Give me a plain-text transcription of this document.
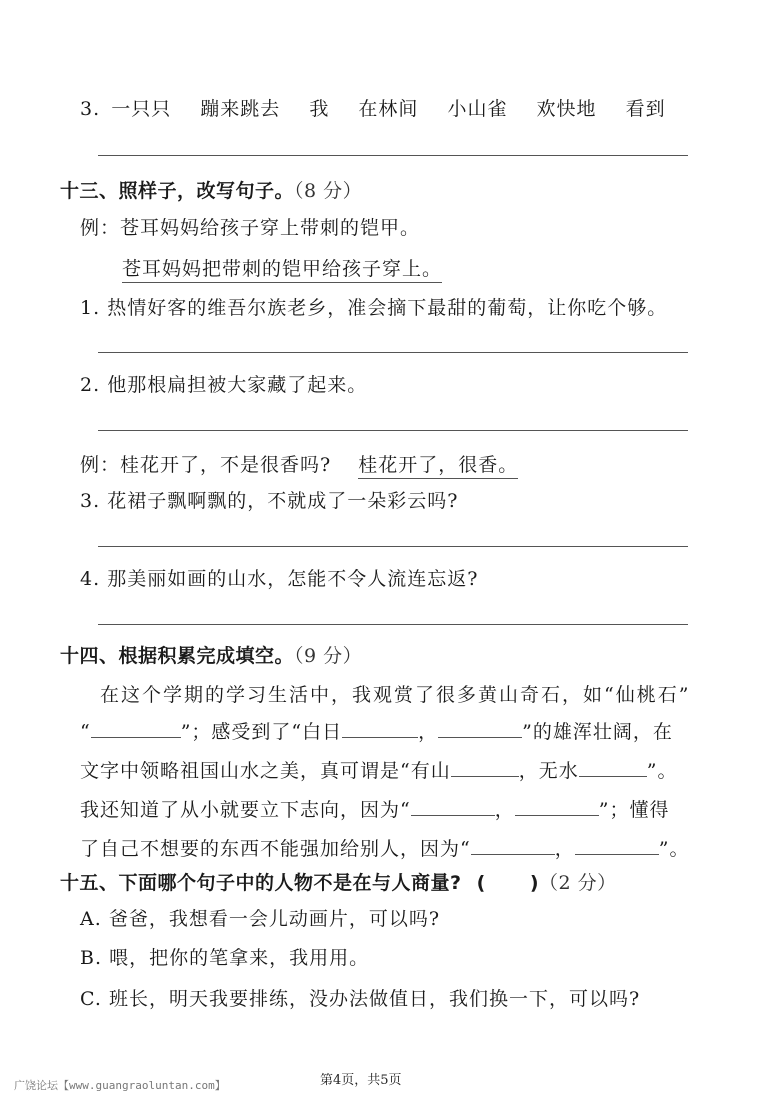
3. 一只只 蹦来跳去 我 在林间 小山雀 欢快地 看到
十三、照样子，改写句子。（8 分）
例：苍耳妈妈给孩子穿上带刺的铠甲。
苍耳妈妈把带刺的铠甲给孩子穿上。
1. 热情好客的维吾尔族老乡，准会摘下最甜的葡萄，让你吃个够。
2. 他那根扁担被大家藏了起来。
例：桂花开了，不是很香吗? 桂花开了，很香。
3. 花裙子飘啊飘的，不就成了一朵彩云吗?
4. 那美丽如画的山水，怎能不令人流连忘返?
十四、根据积累完成填空。（9 分）
在这个学期的学习生活中，我观赏了很多黄山奇石，如“仙桃石”
“	”；感受到了“白日	，	”的雄浑壮阔，在
文字中领略祖国山水之美，真可谓是“有山	，无水	”。
我还知道了从小就要立下志向，因为“	，	”；懂得
了自己不想要的东西不能强加给别人，因为“	，	”。
十五、下面哪个句子中的人物不是在与人商量? ( )（2 分）
A. 爸爸，我想看一会儿动画片，可以吗?
B. 喂，把你的笔拿来，我用用。
C. 班长，明天我要排练，没办法做值日，我们换一下，可以吗?
广饶论坛【www.guangraoluntan.com】	第4页，共5页
